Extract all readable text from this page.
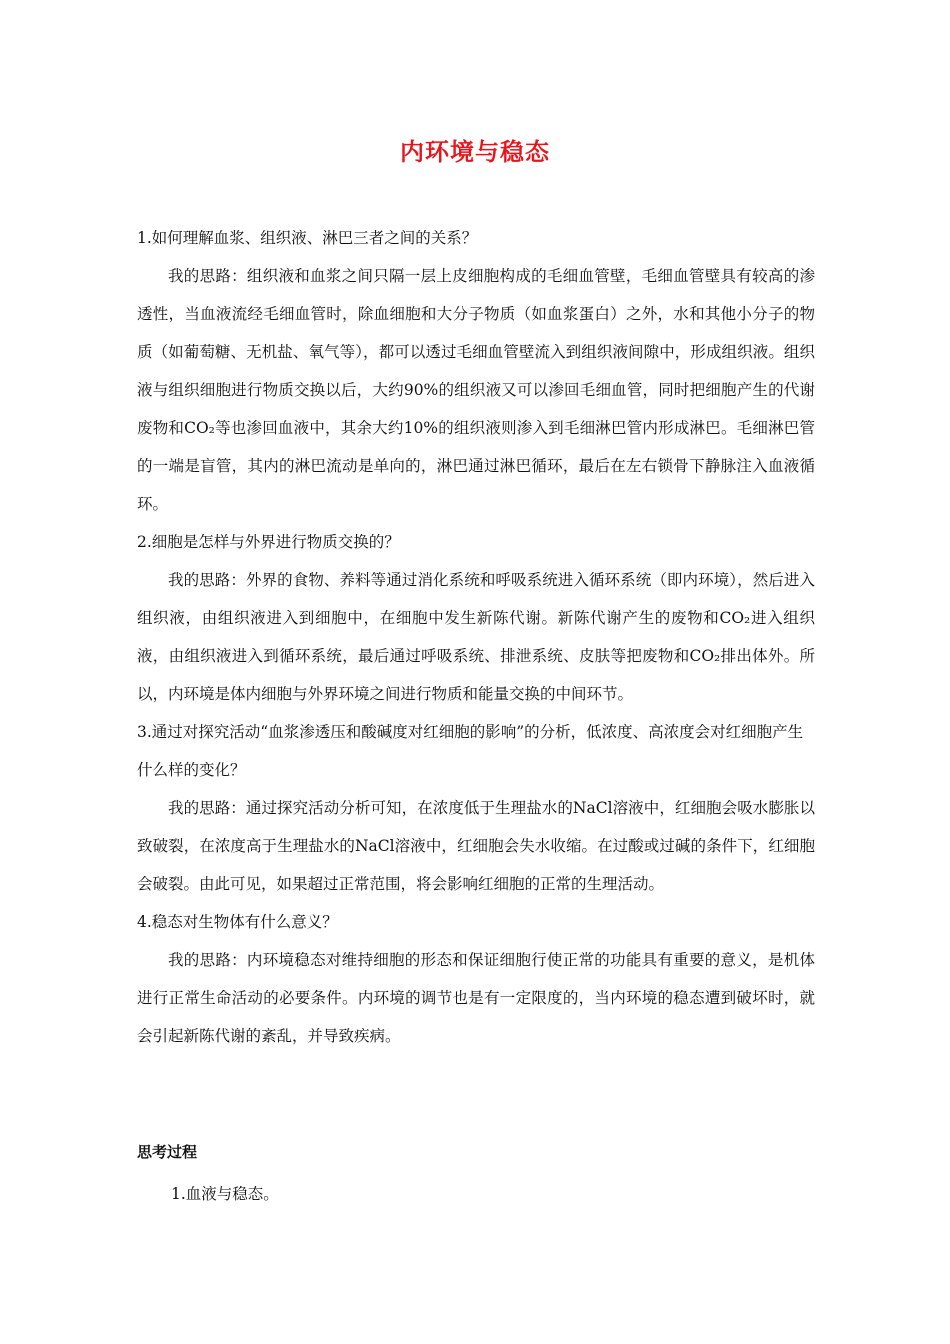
内环境与稳态

1.如何理解血浆、组织液、淋巴三者之间的关系？

我的思路：组织液和血浆之间只隔一层上皮细胞构成的毛细血管壁，毛细血管壁具有较高的渗透性，当血液流经毛细血管时，除血细胞和大分子物质（如血浆蛋白）之外，水和其他小分子的物质（如葡萄糖、无机盐、氧气等），都可以透过毛细血管壁流入到组织液间隙中，形成组织液。组织液与组织细胞进行物质交换以后，大约90%的组织液又可以渗回毛细血管，同时把细胞产生的代谢废物和CO₂等也渗回血液中，其余大约10%的组织液则渗入到毛细淋巴管内形成淋巴。毛细淋巴管的一端是盲管，其内的淋巴流动是单向的，淋巴通过淋巴循环，最后在左右锁骨下静脉注入血液循环。

2.细胞是怎样与外界进行物质交换的？

我的思路：外界的食物、养料等通过消化系统和呼吸系统进入循环系统（即内环境），然后进入组织液，由组织液进入到细胞中，在细胞中发生新陈代谢。新陈代谢产生的废物和CO₂进入组织液，由组织液进入到循环系统，最后通过呼吸系统、排泄系统、皮肤等把废物和CO₂排出体外。所以，内环境是体内细胞与外界环境之间进行物质和能量交换的中间环节。

3.通过对探究活动“血浆渗透压和酸碱度对红细胞的影响”的分析，低浓度、高浓度会对红细胞产生什么样的变化？

我的思路：通过探究活动分析可知，在浓度低于生理盐水的NaCl溶液中，红细胞会吸水膨胀以致破裂，在浓度高于生理盐水的NaCl溶液中，红细胞会失水收缩。在过酸或过碱的条件下，红细胞会破裂。由此可见，如果超过正常范围，将会影响红细胞的正常的生理活动。

4.稳态对生物体有什么意义？

我的思路：内环境稳态对维持细胞的形态和保证细胞行使正常的功能具有重要的意义，是机体进行正常生命活动的必要条件。内环境的调节也是有一定限度的，当内环境的稳态遭到破坏时，就会引起新陈代谢的紊乱，并导致疾病。

思考过程

1.血液与稳态。
